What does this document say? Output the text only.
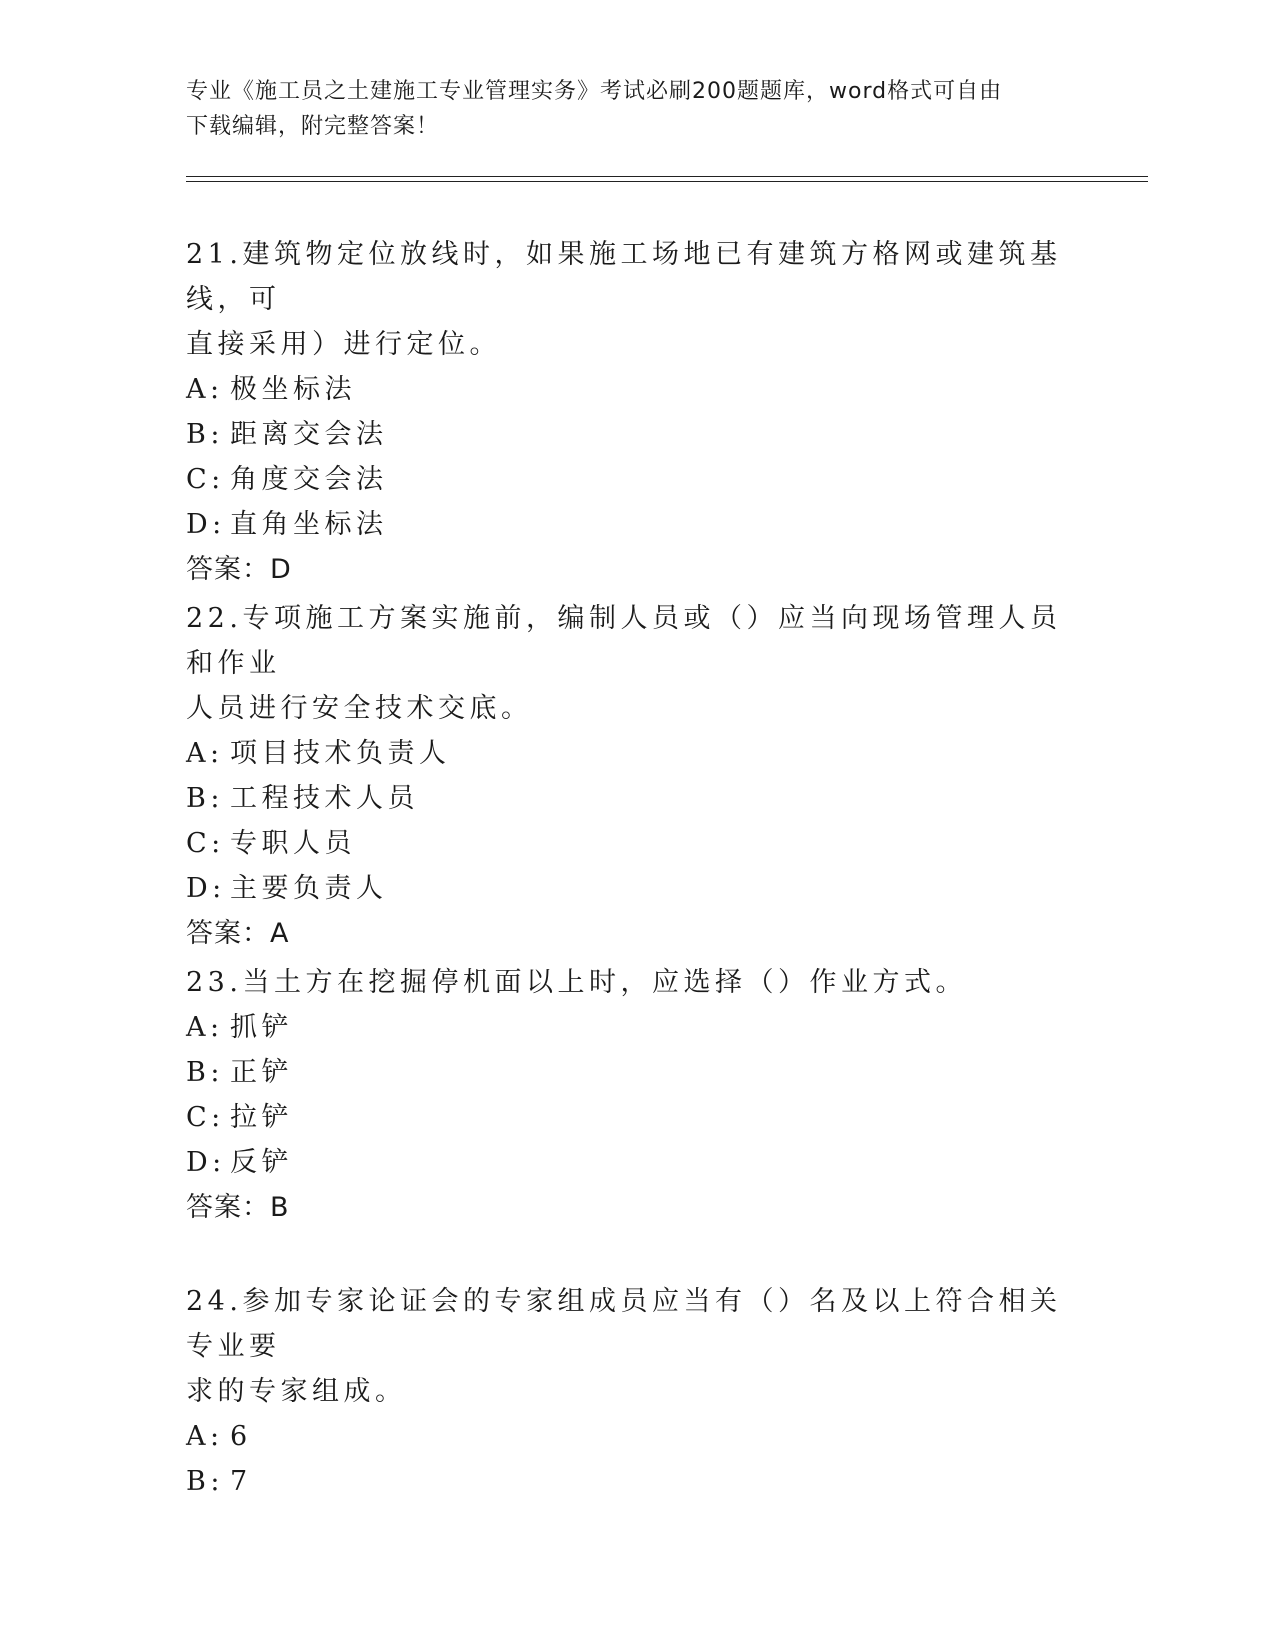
专业《施工员之土建施工专业管理实务》考试必刷200题题库，word格式可自由
下载编辑，附完整答案！
21.建筑物定位放线时，如果施工场地已有建筑方格网或建筑基线，可
直接采用）进行定位。
A: 极坐标法
B: 距离交会法
C: 角度交会法
D: 直角坐标法
答案：D
22.专项施工方案实施前，编制人员或（）应当向现场管理人员和作业
人员进行安全技术交底。
A: 项目技术负责人
B: 工程技术人员
C: 专职人员
D: 主要负责人
答案：A
23.当土方在挖掘停机面以上时，应选择（）作业方式。
A: 抓铲
B: 正铲
C: 拉铲
D: 反铲
答案：B
24.参加专家论证会的专家组成员应当有（）名及以上符合相关专业要
求的专家组成。
A: 6
B: 7
